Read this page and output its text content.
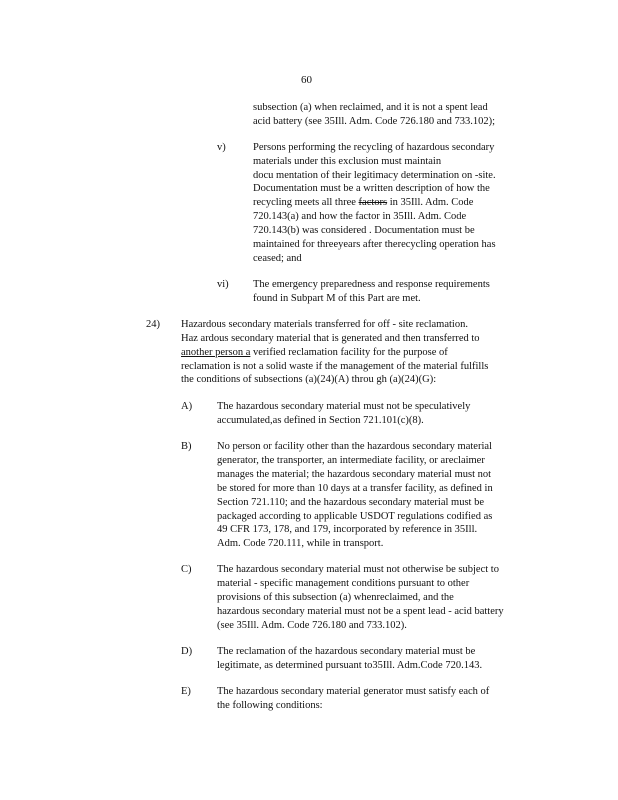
60
subsection (a) when reclaimed, and it is not a spent lead
acid battery (see 35Ill. Adm. Code 726.180 and 733.102);
v)	Persons performing the recycling of hazardous secondary
materials under this exclusion must maintain
docu mentation of their legitimacy determination on -site.
Documentation must be a written description of how the
recycling meets all three factors in 35Ill. Adm. Code
720.143(a) and how the factor in 35Ill. Adm. Code
720.143(b) was considered . Documentation must be
maintained for threeyears after therecycling operation has
ceased; and
vi) The emergency preparedness and response requirements
found in Subpart M of this Part are met.
24) Hazardous secondary materials transferred for off - site reclamation.
Haz ardous secondary material that is generated and then transferred to
another person a verified reclamation facility for the purpose of
reclamation is not a solid waste if the management of the material fulfills
the conditions of subsections (a)(24)(A) throu gh (a)(24)(G):
A) The hazardous secondary material must not be speculatively
accumulated,as defined in Section 721.101(c)(8).
B) No person or facility other than the hazardous secondary material
generator, the transporter, an intermediate facility, or areclaimer
manages the material; the hazardous secondary material must not
be stored for more than 10 days at a transfer facility, as defined in
Section 721.110; and the hazardous secondary material must be
packaged according to applicable USDOT regulations codified as
49 CFR 173, 178, and 179, incorporated by reference in 35Ill.
Adm. Code 720.111, while in transport.
C) The hazardous secondary material must not otherwise be subject to
material - specific management conditions pursuant to other
provisions of this subsection (a) whenreclaimed, and the
hazardous secondary material must not be a spent lead - acid battery
(see 35Ill. Adm. Code 726.180 and 733.102).
D) The reclamation of the hazardous secondary material must be
legitimate, as determined pursuant to35Ill. Adm.Code 720.143.
E) The hazardous secondary material generator must satisfy each of
the following conditions:
